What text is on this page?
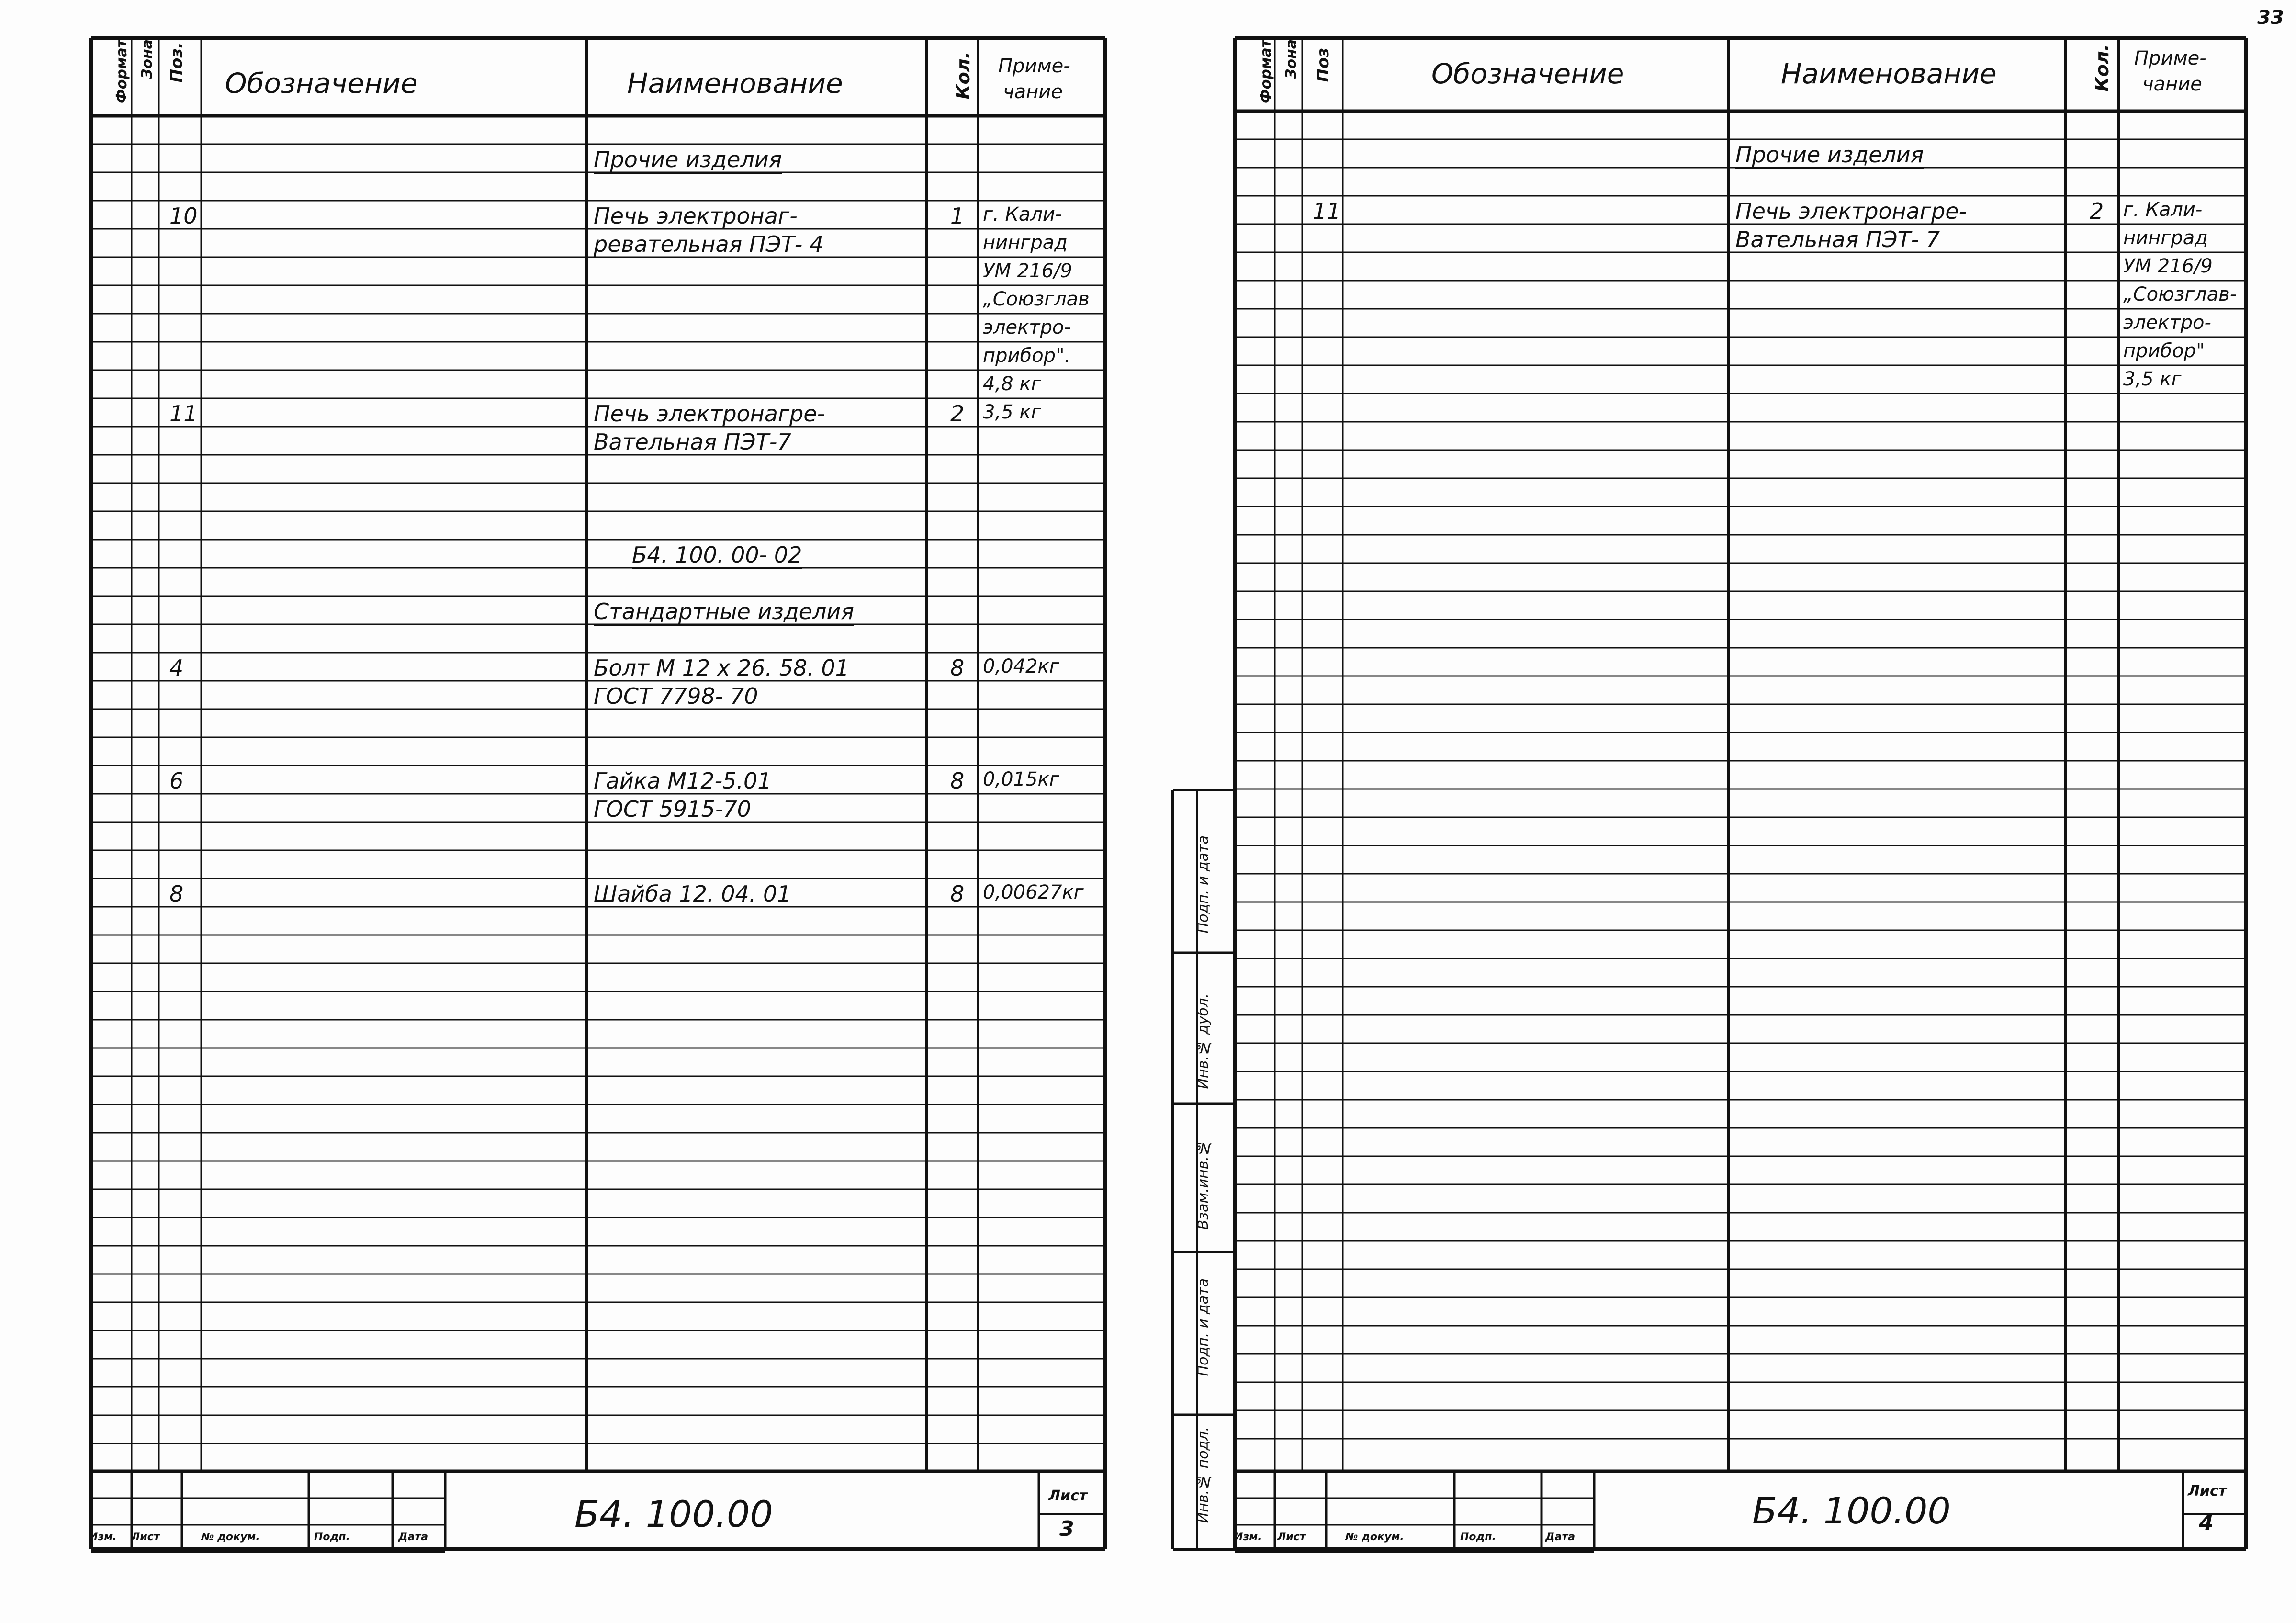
33
Формат Зона Поз.
Обозначение	Наименование	Кол. Приме-
чание
Прочие изделия
10	Печь электронаг-	1 г. Кали-
ревательная ПЭТ- 4	нинград
УМ 216/9
„Союзглав
электро-
прибор".
4,8 кг
11	Печь электронагре-	2 3,5 кг
Вательная ПЭТ-7
Б4. 100. 00- 02
Стандартные изделия
4	Болт М 12 х 26. 58. 01	8 0,042кг
ГОСТ 7798- 70
6	Гайка М12-5.01	8 0,015кг
ГОСТ 5915-70
8	Шайба 12. 04. 01	8 0,00627кг
Б4. 100.00	Лист
3
Изм. Лист	№ докум.	Подп.	Дата
Формат Зона Поз	Обозначение	Наименование	Кол. Приме-
чание
Прочие изделия
11	Печь электронагре-	2 г. Кали-
Вательная ПЭТ- 7	нинград
УМ 216/9
„Союзглав-
электро-
прибор"
3,5 кг
Подп. и дата
Инв.№ дубл.
Взам.инв.№
Подп. и дата
Инв.№ подл.	Б4. 100.00	Лист
4
Изм. Лист	№ докум.	Подп.	Дата
